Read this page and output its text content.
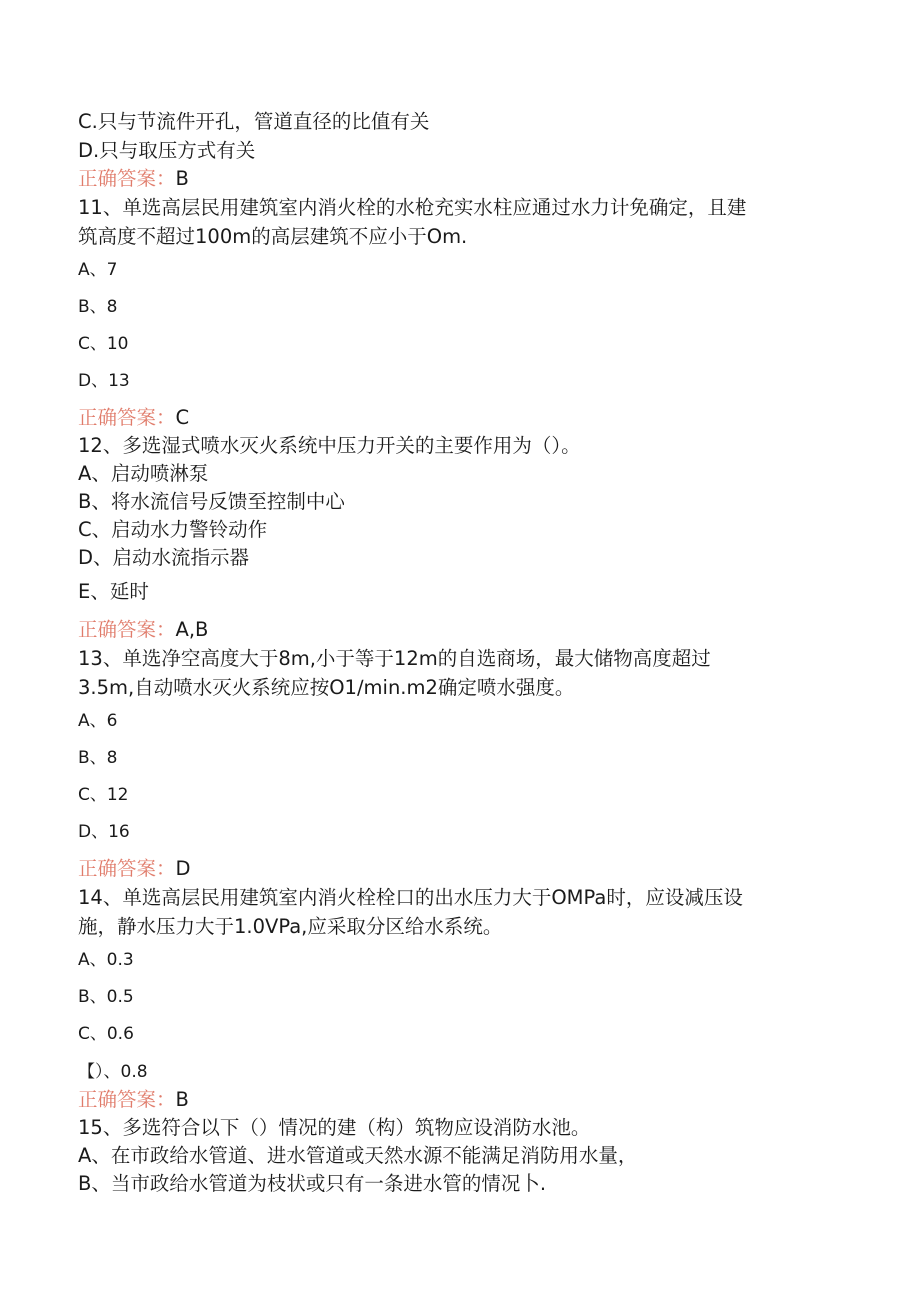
C.只与节流件开孔，管道直径的比值有关
D.只与取压方式有关
正确答案：B
11、单选高层民用建筑室内消火栓的水枪充实水柱应通过水力计免确定，且建
筑高度不超过100m的高层建筑不应小于Om.
A、7
B、8
C、10
D、13
正确答案：C
12、多选湿式喷水灭火系统中压力开关的主要作用为（）。
A、启动喷淋泵
B、将水流信号反馈至控制中心
C、启动水力警铃动作
D、启动水流指示器
E、延时
正确答案：A,B
13、单选净空高度大于8m,小于等于12m的自选商场，最大储物高度超过
3.5m,自动喷水灭火系统应按O1∕min.m2确定喷水强度。
A、6
B、8
C、12
D、16
正确答案：D
14、单选高层民用建筑室内消火栓栓口的出水压力大于OMPa时，应设减压设
施，静水压力大于1.0VPa,应采取分区给水系统。
A、0.3
B、0.5
C、0.6
【）、0.8
正确答案：B
15、多选符合以下（）情况的建（构）筑物应设消防水池。
A、在市政给水管道、进水管道或天然水源不能满足消防用水量，
B、当市政给水管道为枝状或只有一条进水管的情况卜.
